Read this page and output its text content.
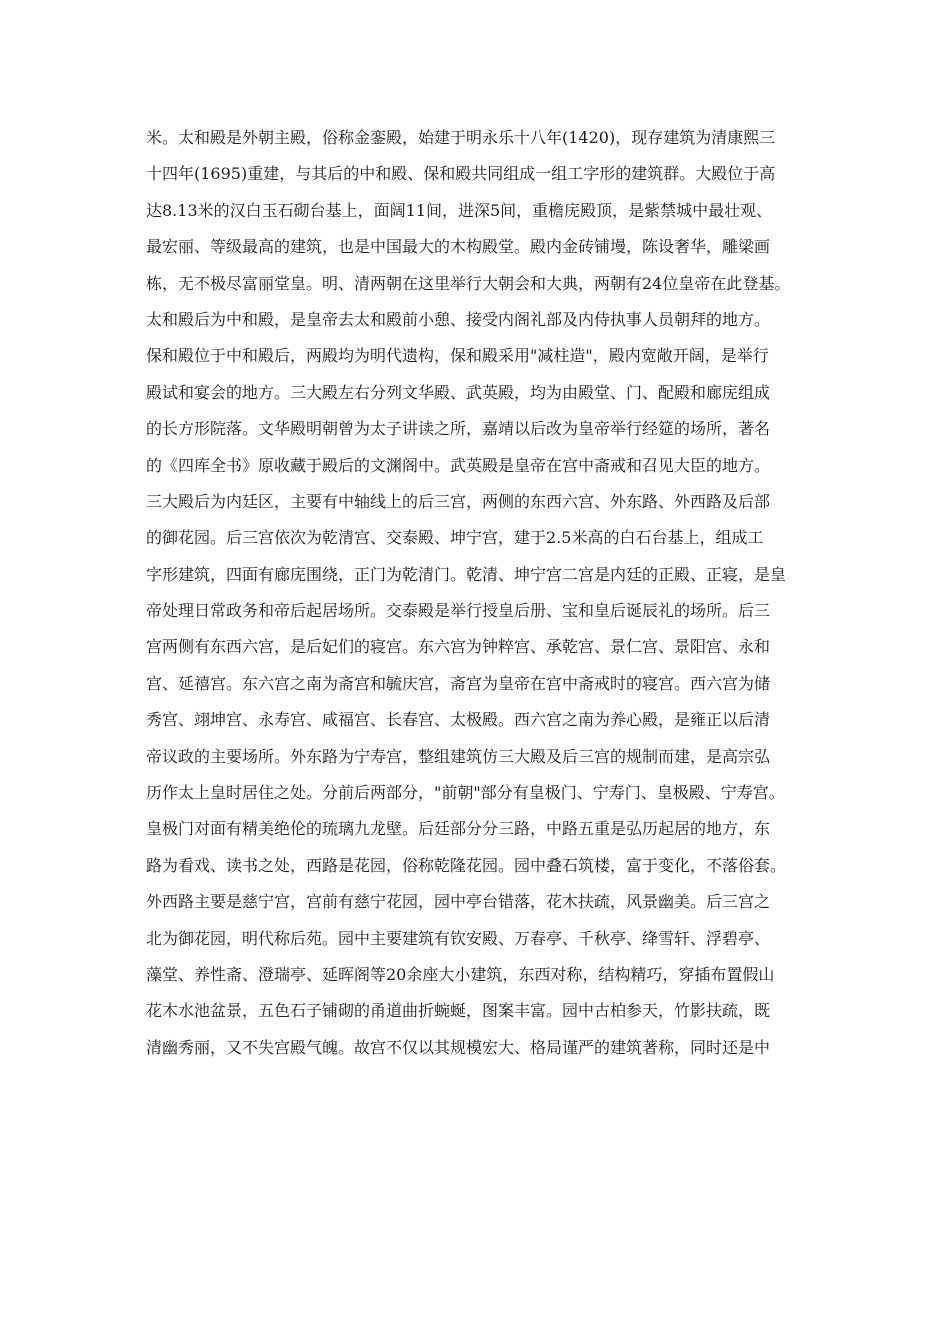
米。太和殿是外朝主殿，俗称金銮殿，始建于明永乐十八年(1420)，现存建筑为清康熙三
十四年(1695)重建，与其后的中和殿、保和殿共同组成一组工字形的建筑群。大殿位于高
达8.13米的汉白玉石砌台基上，面阔11间，进深5间，重檐庑殿顶，是紫禁城中最壮观、
最宏丽、等级最高的建筑，也是中国最大的木构殿堂。殿内金砖铺墁，陈设奢华，雕梁画
栋，无不极尽富丽堂皇。明、清两朝在这里举行大朝会和大典，两朝有24位皇帝在此登基。
太和殿后为中和殿，是皇帝去太和殿前小憩、接受内阁礼部及内侍执事人员朝拜的地方。
保和殿位于中和殿后，两殿均为明代遗构，保和殿采用"减柱造"，殿内宽敞开阔，是举行
殿试和宴会的地方。三大殿左右分列文华殿、武英殿，均为由殿堂、门、配殿和廊庑组成
的长方形院落。文华殿明朝曾为太子讲读之所，嘉靖以后改为皇帝举行经筵的场所，著名
的《四库全书》原收藏于殿后的文渊阁中。武英殿是皇帝在宫中斋戒和召见大臣的地方。
三大殿后为内廷区，主要有中轴线上的后三宫，两侧的东西六宫、外东路、外西路及后部
的御花园。后三宫依次为乾清宫、交泰殿、坤宁宫，建于2.5米高的白石台基上，组成工
字形建筑，四面有廊庑围绕，正门为乾清门。乾清、坤宁宫二宫是内廷的正殿、正寝，是皇
帝处理日常政务和帝后起居场所。交泰殿是举行授皇后册、宝和皇后诞辰礼的场所。后三
宫两侧有东西六宫，是后妃们的寝宫。东六宫为钟粹宫、承乾宫、景仁宫、景阳宫、永和
宫、延禧宫。东六宫之南为斋宫和毓庆宫，斋宫为皇帝在宫中斋戒时的寝宫。西六宫为储
秀宫、翊坤宫、永寿宫、咸福宫、长春宫、太极殿。西六宫之南为养心殿，是雍正以后清
帝议政的主要场所。外东路为宁寿宫，整组建筑仿三大殿及后三宫的规制而建，是高宗弘
历作太上皇时居住之处。分前后两部分，"前朝"部分有皇极门、宁寿门、皇极殿、宁寿宫。
皇极门对面有精美绝伦的琉璃九龙壁。后廷部分分三路，中路五重是弘历起居的地方，东
路为看戏、读书之处，西路是花园，俗称乾隆花园。园中叠石筑楼，富于变化，不落俗套。
外西路主要是慈宁宫，宫前有慈宁花园，园中亭台错落，花木扶疏，风景幽美。后三宫之
北为御花园，明代称后苑。园中主要建筑有钦安殿、万春亭、千秋亭、绛雪轩、浮碧亭、
藻堂、养性斋、澄瑞亭、延晖阁等20余座大小建筑，东西对称，结构精巧，穿插布置假山
花木水池盆景，五色石子铺砌的甬道曲折蜿蜒，图案丰富。园中古柏参天，竹影扶疏，既
清幽秀丽，又不失宫殿气魄。故宫不仅以其规模宏大、格局谨严的建筑著称，同时还是中
